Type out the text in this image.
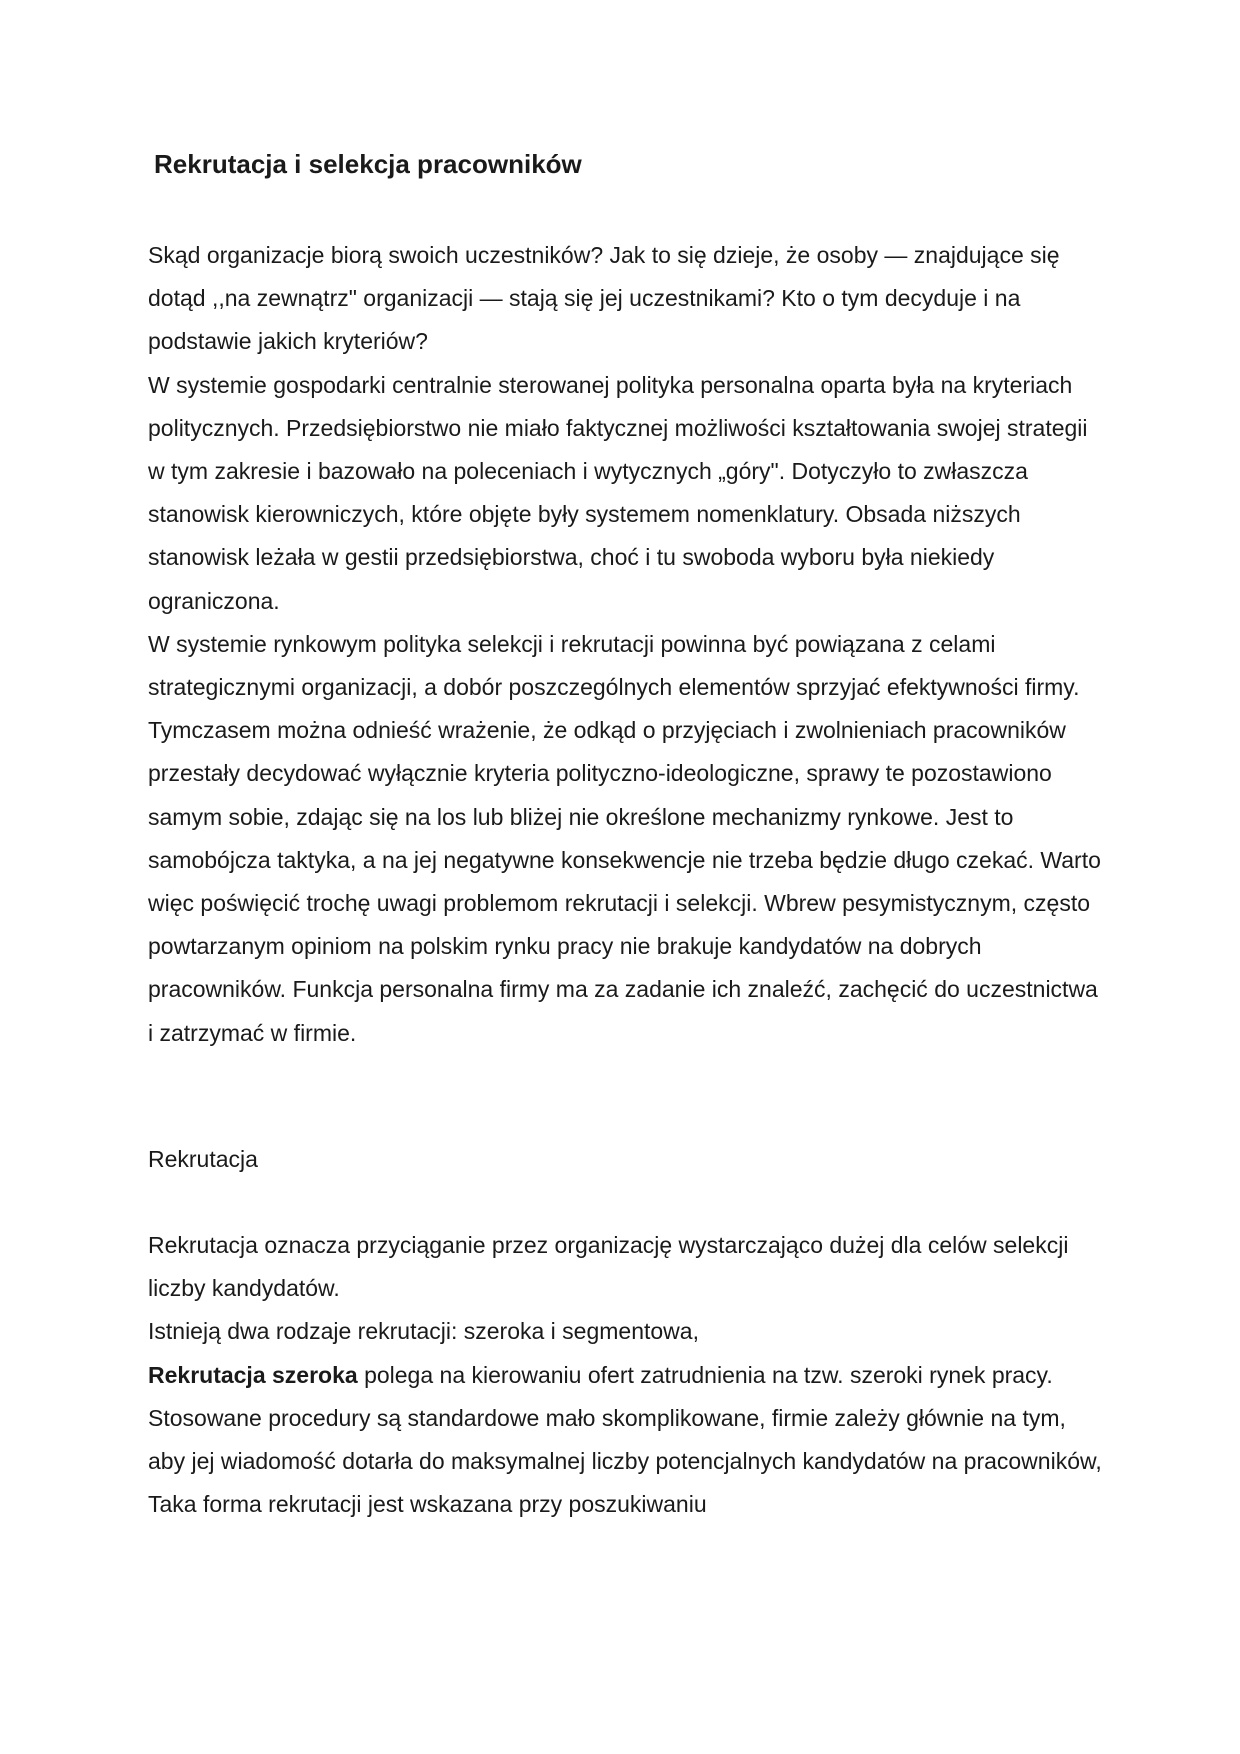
Rekrutacja i selekcja pracowników

Skąd organizacje biorą swoich uczestników? Jak to się dzieje, że osoby — znajdujące się dotąd ,,na zewnątrz" organizacji — stają się jej uczestnikami? Kto o tym decyduje i na podstawie jakich kryteriów?

W systemie gospodarki centralnie sterowanej polityka personalna oparta była na kryteriach politycznych. Przedsiębiorstwo nie miało faktycznej możliwości kształtowania swojej strategii w tym zakresie i bazowało na poleceniach i wytycznych „góry". Dotyczyło to zwłaszcza stanowisk kierowniczych, które objęte były systemem nomenklatury. Obsada niższych stanowisk leżała w gestii przedsiębiorstwa, choć i tu swoboda wyboru była niekiedy ograniczona.

W systemie rynkowym polityka selekcji i rekrutacji powinna być powiązana z celami strategicznymi organizacji, a dobór poszczególnych elementów sprzyjać efektywności firmy. Tymczasem można odnieść wrażenie, że odkąd o przyjęciach i zwolnieniach pracowników przestały decydować wyłącznie kryteria polityczno-ideologiczne, sprawy te pozostawiono samym sobie, zdając się na los lub bliżej nie określone mechanizmy rynkowe. Jest to samobójcza taktyka, a na jej negatywne konsekwencje nie trzeba będzie długo czekać. Warto więc poświęcić trochę uwagi problemom rekrutacji i selekcji. Wbrew pesymistycznym, często powtarzanym opiniom na polskim rynku pracy nie brakuje kandydatów na dobrych pracowników. Funkcja personalna firmy ma za zadanie ich znaleźć, zachęcić do uczestnictwa i zatrzymać w firmie.

Rekrutacja

Rekrutacja oznacza przyciąganie przez organizację wystarczająco dużej dla celów selekcji liczby kandydatów.

Istnieją dwa rodzaje rekrutacji: szeroka i segmentowa,

Rekrutacja szeroka polega na kierowaniu ofert zatrudnienia na tzw. szeroki rynek pracy. Stosowane procedury są standardowe mało skomplikowane, firmie zależy głównie na tym, aby jej wiadomość dotarła do maksymalnej liczby potencjalnych kandydatów na pracowników, Taka forma rekrutacji jest wskazana przy poszukiwaniu
